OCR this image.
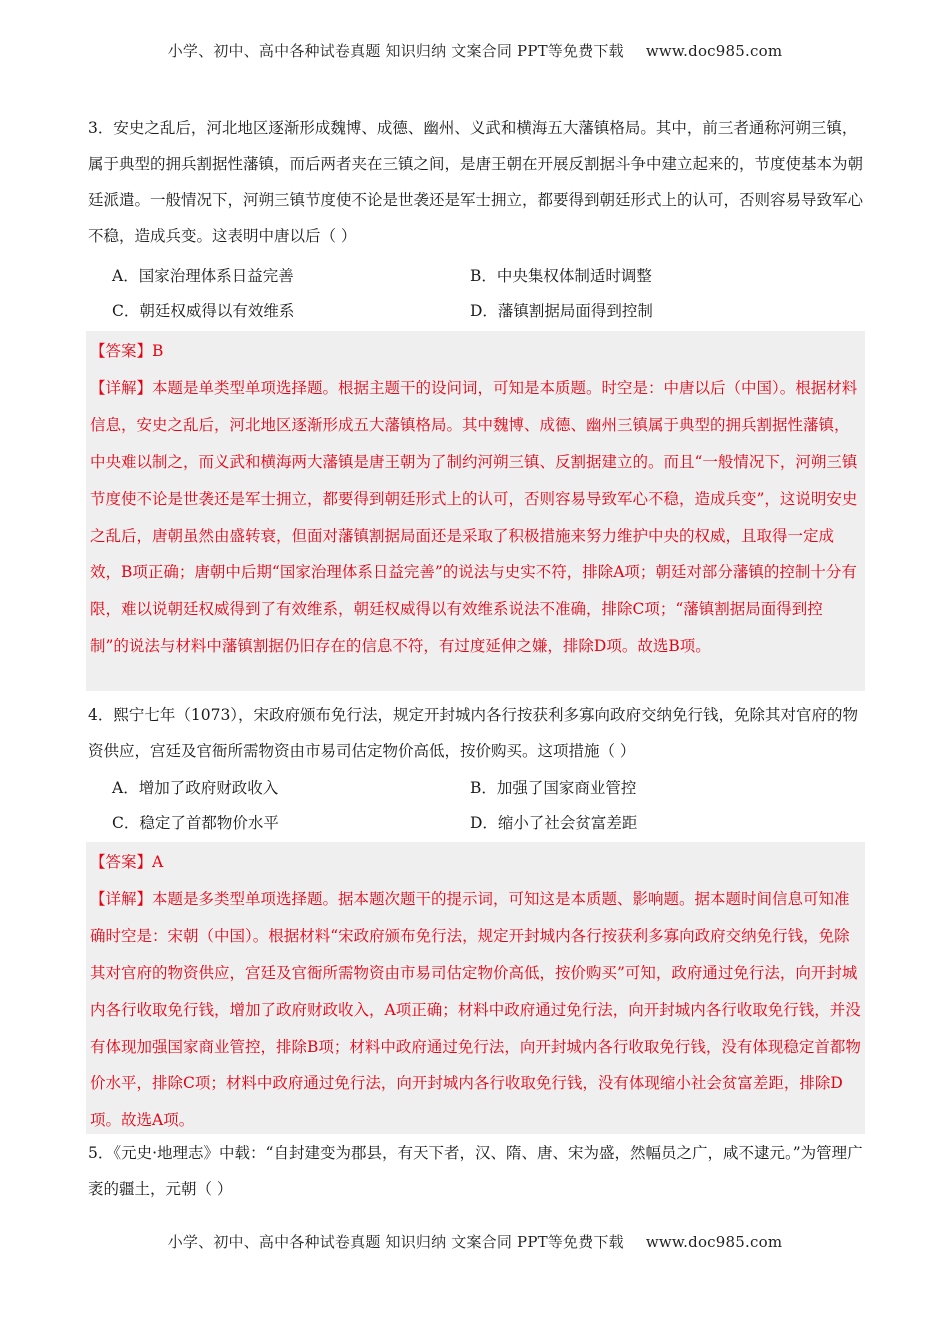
小学、初中、高中各种试卷真题 知识归纳 文案合同 PPT等免费下载 www.doc985.com

3．安史之乱后，河北地区逐渐形成魏博、成德、幽州、义武和横海五大藩镇格局。其中，前三者通称河朔三镇，属于典型的拥兵割据性藩镇，而后两者夹在三镇之间，是唐王朝在开展反割据斗争中建立起来的，节度使基本为朝廷派遣。一般情况下，河朔三镇节度使不论是世袭还是军士拥立，都要得到朝廷形式上的认可，否则容易导致军心不稳，造成兵变。这表明中唐以后（ ）

A．国家治理体系日益完善	B．中央集权体制适时调整
C．朝廷权威得以有效维系	D．藩镇割据局面得到控制

【答案】B

【详解】本题是单类型单项选择题。根据主题干的设问词，可知是本质题。时空是：中唐以后（中国）。根据材料信息，安史之乱后，河北地区逐渐形成五大藩镇格局。其中魏博、成德、幽州三镇属于典型的拥兵割据性藩镇，中央难以制之，而义武和横海两大藩镇是唐王朝为了制约河朔三镇、反割据建立的。而且“一般情况下，河朔三镇节度使不论是世袭还是军士拥立，都要得到朝廷形式上的认可，否则容易导致军心不稳，造成兵变”，这说明安史之乱后，唐朝虽然由盛转衰，但面对藩镇割据局面还是采取了积极措施来努力维护中央的权威，且取得一定成效，B项正确；唐朝中后期“国家治理体系日益完善”的说法与史实不符，排除A项；朝廷对部分藩镇的控制十分有限，难以说朝廷权威得到了有效维系，朝廷权威得以有效维系说法不准确，排除C项；“藩镇割据局面得到控制”的说法与材料中藩镇割据仍旧存在的信息不符，有过度延伸之嫌，排除D项。故选B项。

4．熙宁七年（1073），宋政府颁布免行法，规定开封城内各行按获利多寡向政府交纳免行钱，免除其对官府的物资供应，宫廷及官衙所需物资由市易司估定物价高低，按价购买。这项措施（ ）

A．增加了政府财政收入	B．加强了国家商业管控
C．稳定了首都物价水平	D．缩小了社会贫富差距

【答案】A

【详解】本题是多类型单项选择题。据本题次题干的提示词，可知这是本质题、影响题。据本题时间信息可知准确时空是：宋朝（中国）。根据材料“宋政府颁布免行法，规定开封城内各行按获利多寡向政府交纳免行钱，免除其对官府的物资供应，宫廷及官衙所需物资由市易司估定物价高低，按价购买”可知，政府通过免行法，向开封城内各行收取免行钱，增加了政府财政收入，A项正确；材料中政府通过免行法，向开封城内各行收取免行钱，并没有体现加强国家商业管控，排除B项；材料中政府通过免行法，向开封城内各行收取免行钱，没有体现稳定首都物价水平，排除C项；材料中政府通过免行法，向开封城内各行收取免行钱，没有体现缩小社会贫富差距，排除D项。故选A项。

5．《元史·地理志》中载：“自封建变为郡县，有天下者，汉、隋、唐、宋为盛，然幅员之广，咸不逮元。”为管理广袤的疆土，元朝（ ）

小学、初中、高中各种试卷真题 知识归纳 文案合同 PPT等免费下载 www.doc985.com
